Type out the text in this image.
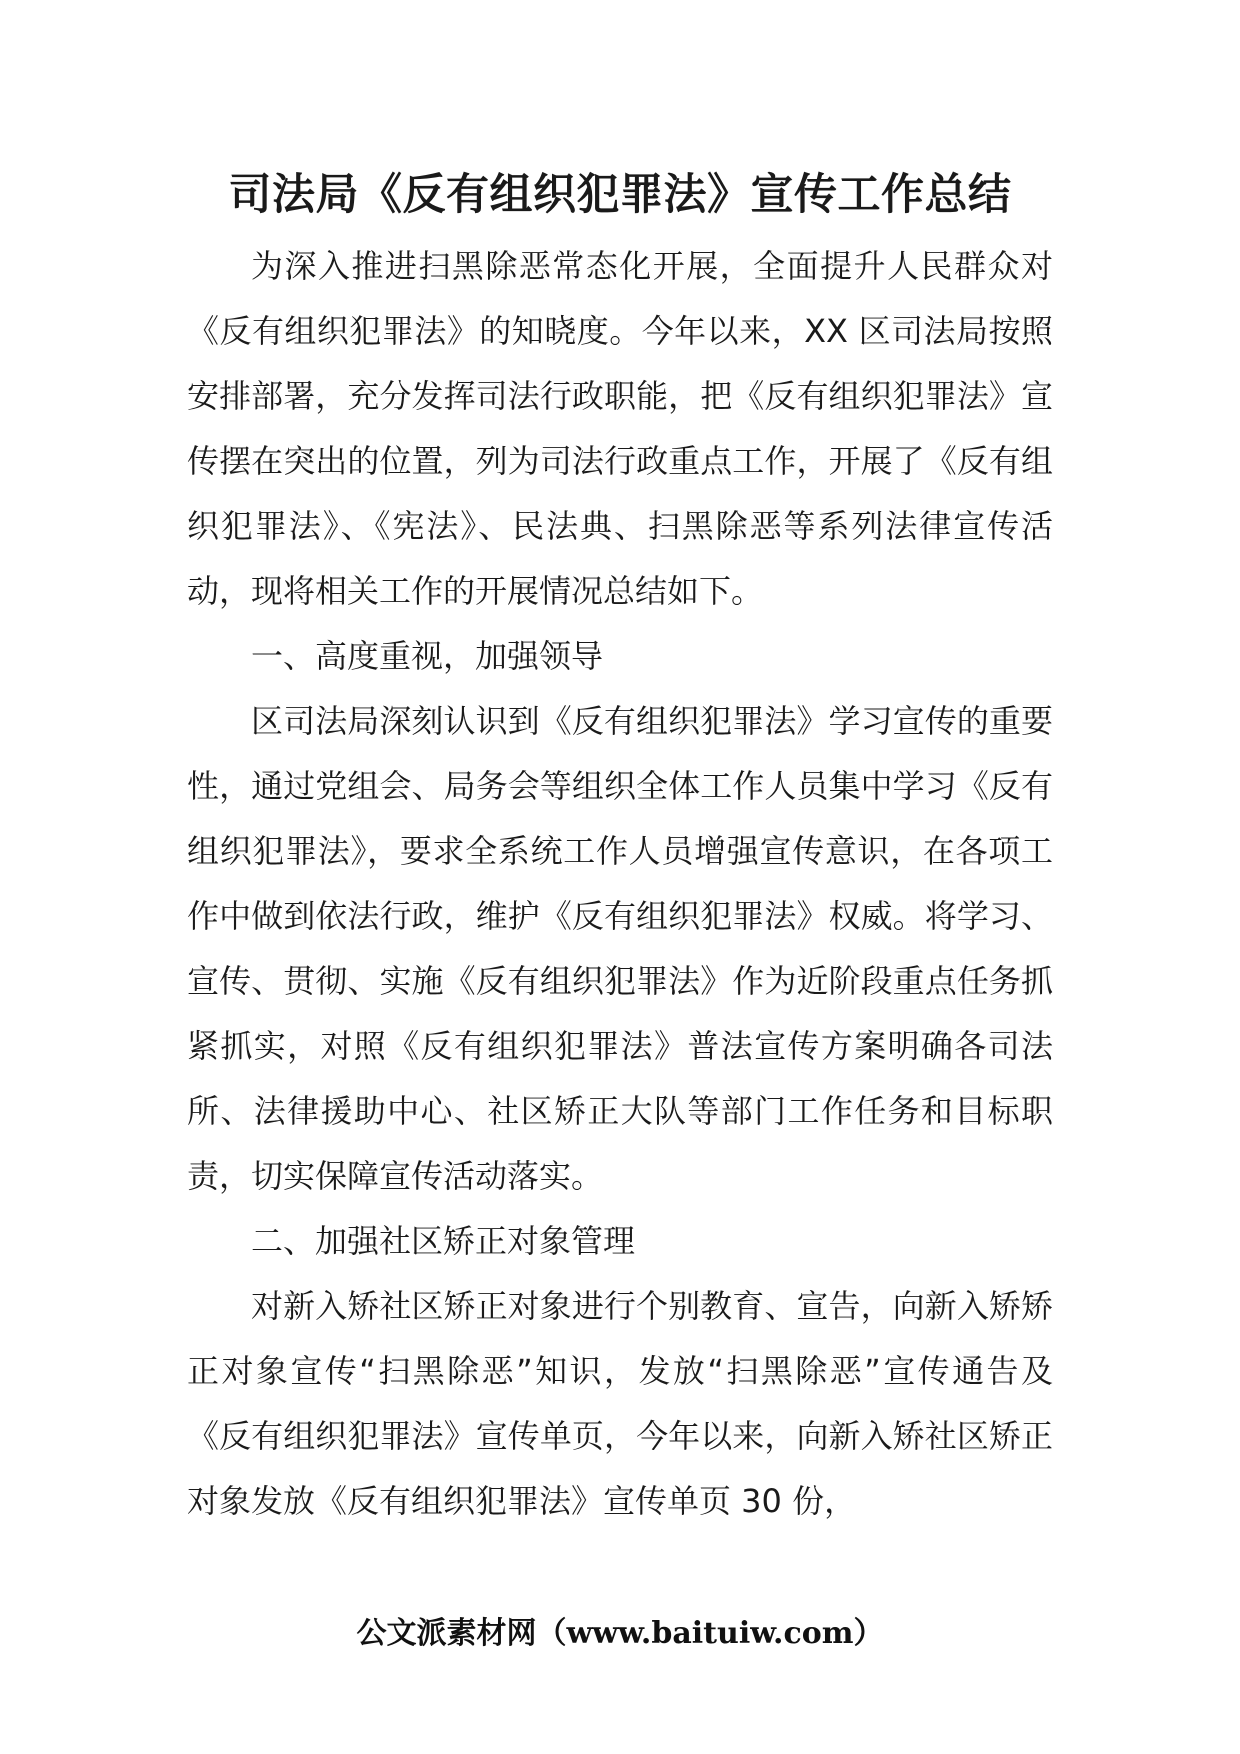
司法局《反有组织犯罪法》宣传工作总结

为深入推进扫黑除恶常态化开展，全面提升人民群众对《反有组织犯罪法》的知晓度。今年以来，XX 区司法局按照安排部署，充分发挥司法行政职能，把《反有组织犯罪法》宣传摆在突出的位置，列为司法行政重点工作，开展了《反有组织犯罪法》、《宪法》、民法典、扫黑除恶等系列法律宣传活动，现将相关工作的开展情况总结如下。

一、高度重视，加强领导

区司法局深刻认识到《反有组织犯罪法》学习宣传的重要性，通过党组会、局务会等组织全体工作人员集中学习《反有组织犯罪法》，要求全系统工作人员增强宣传意识，在各项工作中做到依法行政，维护《反有组织犯罪法》权威。将学习、宣传、贯彻、实施《反有组织犯罪法》作为近阶段重点任务抓紧抓实，对照《反有组织犯罪法》普法宣传方案明确各司法所、法律援助中心、社区矫正大队等部门工作任务和目标职责，切实保障宣传活动落实。

二、加强社区矫正对象管理

对新入矫社区矫正对象进行个别教育、宣告，向新入矫矫正对象宣传“扫黑除恶”知识，发放“扫黑除恶”宣传通告及《反有组织犯罪法》宣传单页，今年以来，向新入矫社区矫正对象发放《反有组织犯罪法》宣传单页 30 份，

公文派素材网（www.baituiw.com）
